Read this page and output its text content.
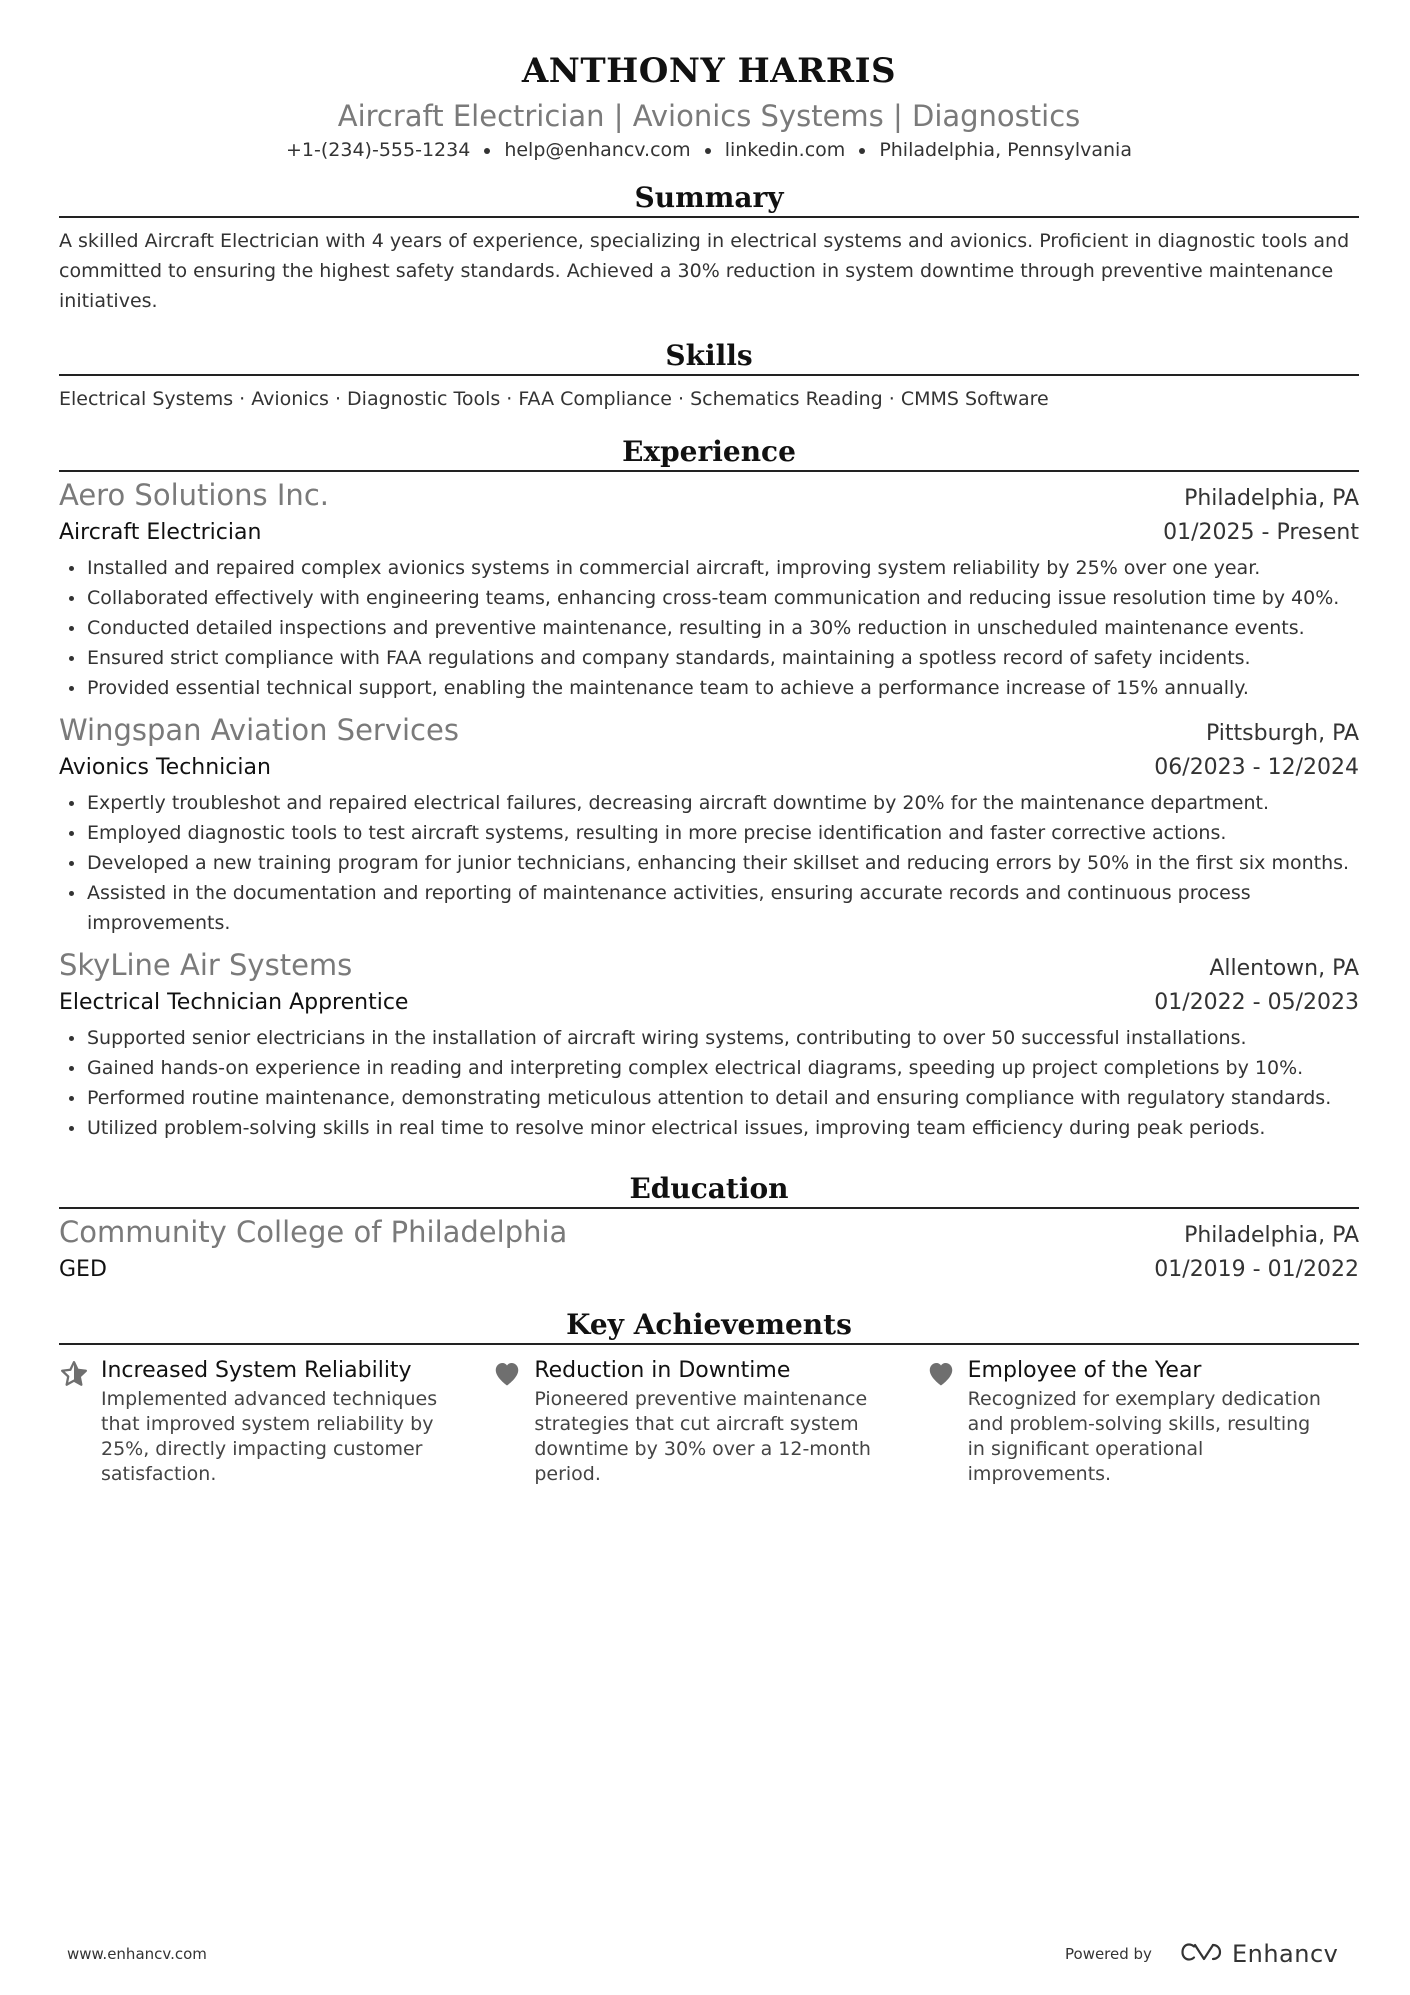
ANTHONY HARRIS
Aircraft Electrician | Avionics Systems | Diagnostics
+1-(234)-555-1234 help@enhancv.com linkedin.com Philadelphia, Pennsylvania
Summary
A skilled Aircraft Electrician with 4 years of experience, specializing in electrical systems and avionics. Proficient in diagnostic tools and committed to ensuring the highest safety standards. Achieved a 30% reduction in system downtime through preventive maintenance initiatives.
Skills
Electrical Systems · Avionics · Diagnostic Tools · FAA Compliance · Schematics Reading · CMMS Software
Experience
Aero Solutions Inc.	Philadelphia, PA
Aircraft Electrician	01/2025 - Present
Installed and repaired complex avionics systems in commercial aircraft, improving system reliability by 25% over one year.
Collaborated effectively with engineering teams, enhancing cross-team communication and reducing issue resolution time by 40%.
Conducted detailed inspections and preventive maintenance, resulting in a 30% reduction in unscheduled maintenance events.
Ensured strict compliance with FAA regulations and company standards, maintaining a spotless record of safety incidents.
Provided essential technical support, enabling the maintenance team to achieve a performance increase of 15% annually.
Wingspan Aviation Services	Pittsburgh, PA
Avionics Technician	06/2023 - 12/2024
Expertly troubleshot and repaired electrical failures, decreasing aircraft downtime by 20% for the maintenance department.
Employed diagnostic tools to test aircraft systems, resulting in more precise identification and faster corrective actions.
Developed a new training program for junior technicians, enhancing their skillset and reducing errors by 50% in the first six months.
Assisted in the documentation and reporting of maintenance activities, ensuring accurate records and continuous process improvements.
SkyLine Air Systems	Allentown, PA
Electrical Technician Apprentice	01/2022 - 05/2023
Supported senior electricians in the installation of aircraft wiring systems, contributing to over 50 successful installations.
Gained hands-on experience in reading and interpreting complex electrical diagrams, speeding up project completions by 10%.
Performed routine maintenance, demonstrating meticulous attention to detail and ensuring compliance with regulatory standards.
Utilized problem-solving skills in real time to resolve minor electrical issues, improving team efficiency during peak periods.
Education
Community College of Philadelphia	Philadelphia, PA
GED	01/2019 - 01/2022
Key Achievements
Increased System Reliability
Implemented advanced techniques that improved system reliability by 25%, directly impacting customer satisfaction.
Reduction in Downtime
Pioneered preventive maintenance strategies that cut aircraft system downtime by 30% over a 12-month period.
Employee of the Year
Recognized for exemplary dedication and problem-solving skills, resulting in significant operational improvements.
www.enhancv.com	Powered by	Enhancv
